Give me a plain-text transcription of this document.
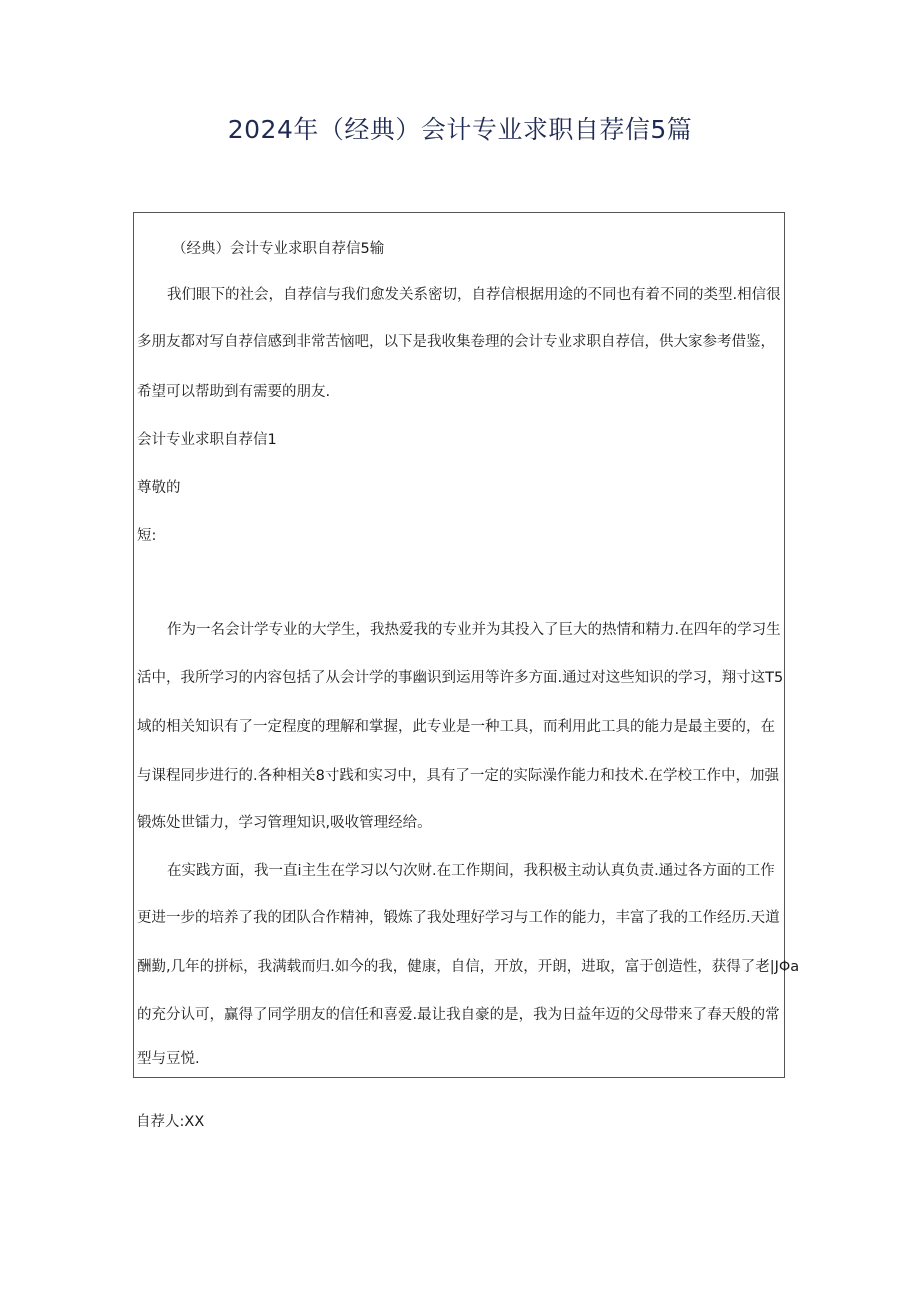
2024年（经典）会计专业求职自荐信5篇
（经典）会计专业求职自荐信5输
我们眼下的社会，自荐信与我们愈发关系密切，自荐信根据用途的不同也有着不同的类型.相信很
多朋友都对写自荐信感到非常苦恼吧，以下是我收集卷理的会计专业求职自荐信，供大家参考借鉴，
希望可以帮助到有需要的朋友.
会计专业求职自荐信1
尊敬的
短:
作为一名会计学专业的大学生，我热爱我的专业并为其投入了巨大的热情和精力.在四年的学习生
活中，我所学习的内容包括了从会计学的事幽识到运用等许多方面.通过对这些知识的学习，翔寸这T5
域的相关知识有了一定程度的理解和掌握，此专业是一种工具，而利用此工具的能力是最主要的，在
与课程同步进行的.各种相关8寸践和实习中，具有了一定的实际澡作能力和技术.在学校工作中，加强
锻炼处世镭力，学习管理知识,吸收管理经给。
在实践方面，我一直i主生在学习以勺次财.在工作期间，我积极主动认真负责.通过各方面的工作
更进一步的培养了我的团队合作精神，锻炼了我处理好学习与工作的能力，丰富了我的工作经历.天道
酬勤,几年的拼标，我满载而归.如今的我，健康，自信，开放，开朗，进取，富于创造性，获得了老|JΦa
的充分认可，赢得了同学朋友的信任和喜爱.最让我自豪的是，我为日益年迈的父母带来了春天般的常
型与豆悦.
自荐人:XX
